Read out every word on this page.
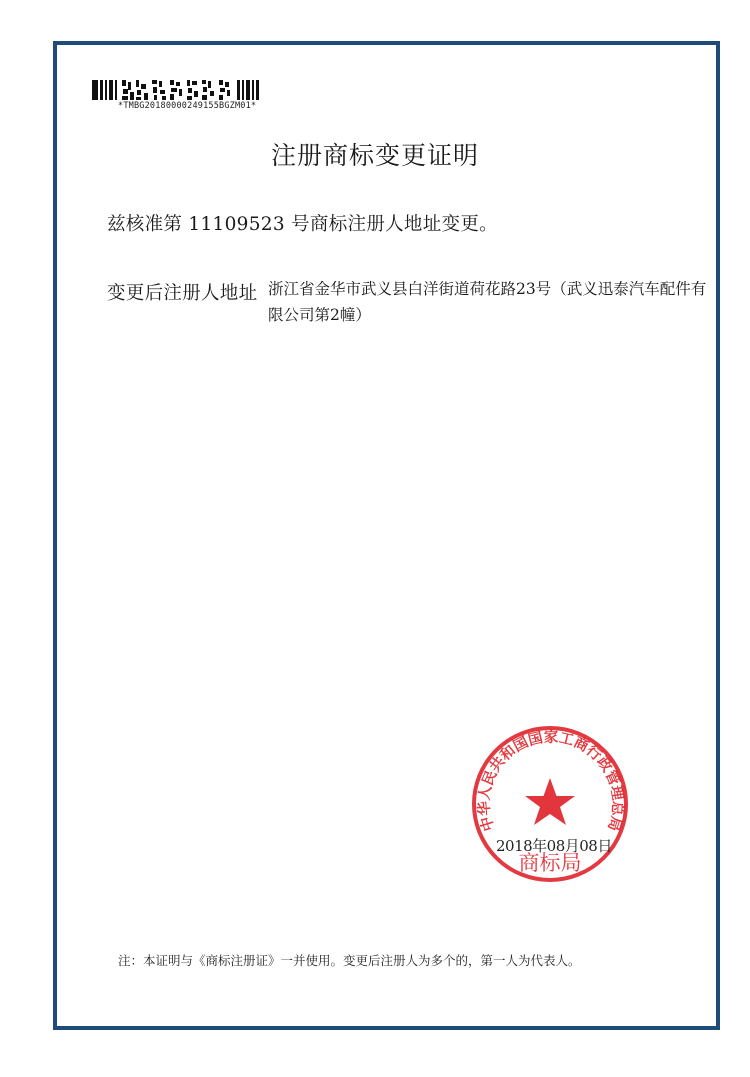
*TMBG20180000249155BGZM01*
注册商标变更证明
兹核准第 11109523 号商标注册人地址变更。
变更后注册人地址 浙江省金华市武义县白洋街道荷花路23号（武义迅泰汽车配件有限公司第2幢）
中华人民共和国国家工商行政管理总局
商标局
2018年08月08日
注：本证明与《商标注册证》一并使用。变更后注册人为多个的，第一人为代表人。
